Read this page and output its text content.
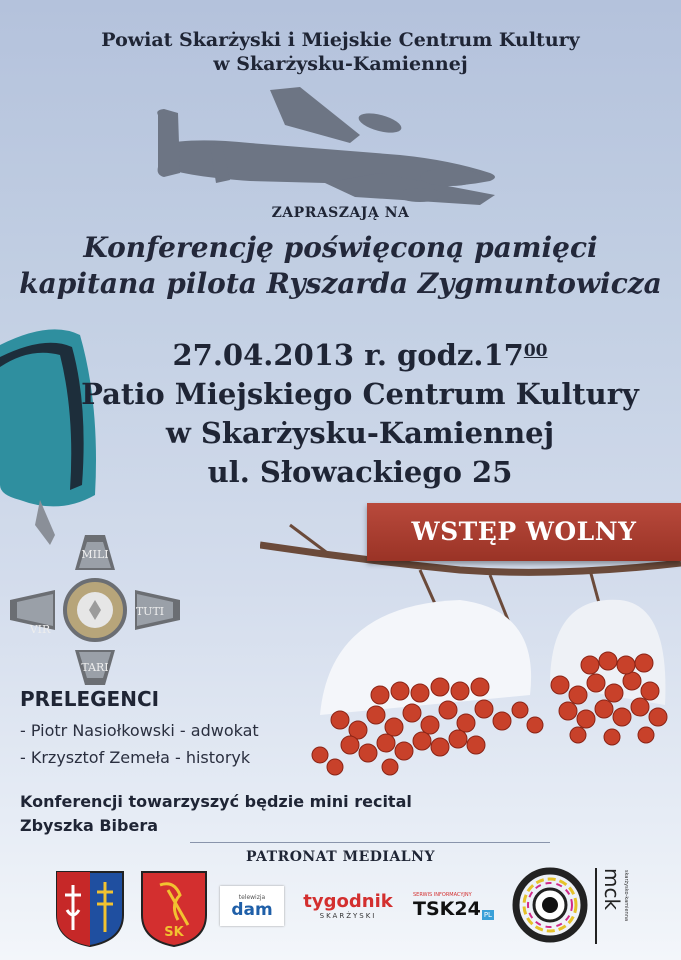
Powiat Skarżyski i Miejskie Centrum Kultury
w Skarżysku-Kamiennej
ZAPRASZAJĄ NA
Konferencję poświęconą pamięci
kapitana pilota Ryszarda Zygmuntowicza
MILI
VIR
TUTI
TARI
27.04.2013 r. $godz.17^{00}$
Patio Miejskiego Centrum Kultury
w Skarżysku-Kamiennej
ul. Słowackiego 25
WSTĘP WOLNY
PRELEGENCI
- Piotr Nasiołkowski - adwokat
- Krzysztof Zemeła - historyk
Konferencji towarzyszyć będzie mini recital
Zbyszka Bibera
PATRONAT MEDIALNY
SK
telewizja
dam tygodnik
SKARŻYSKI
SERWIS INFORMACYJNY
TSK24 PL
mck skarżysko-kamienna
